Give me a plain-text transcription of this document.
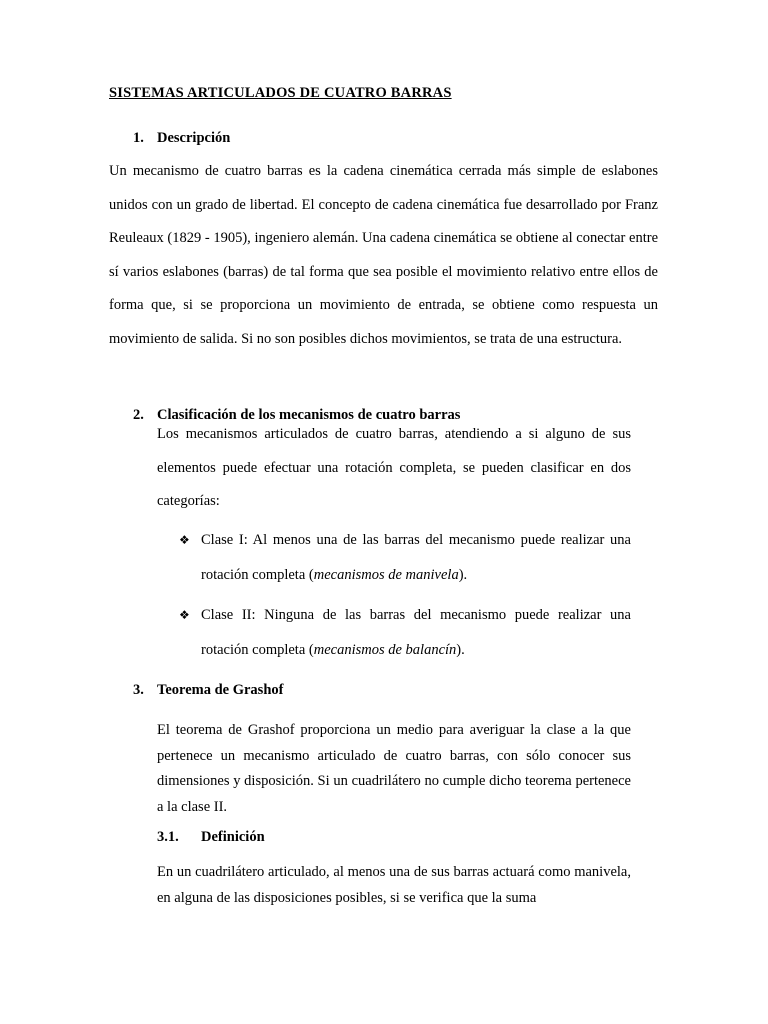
SISTEMAS ARTICULADOS DE CUATRO BARRAS
1. Descripción
Un mecanismo de cuatro barras es la cadena cinemática cerrada más simple de eslabones unidos con un grado de libertad. El concepto de cadena cinemática fue desarrollado por Franz Reuleaux (1829 - 1905), ingeniero alemán. Una cadena cinemática se obtiene al conectar entre sí varios eslabones (barras) de tal forma que sea posible el movimiento relativo entre ellos de forma que, si se proporciona un movimiento de entrada, se obtiene como respuesta un movimiento de salida. Si no son posibles dichos movimientos, se trata de una estructura.
2. Clasificación de los mecanismos de cuatro barras
Los mecanismos articulados de cuatro barras, atendiendo a si alguno de sus elementos puede efectuar una rotación completa, se pueden clasificar en dos categorías:
❖ Clase I: Al menos una de las barras del mecanismo puede realizar una rotación completa (mecanismos de manivela).
❖ Clase II: Ninguna de las barras del mecanismo puede realizar una rotación completa (mecanismos de balancín).
3. Teorema de Grashof
El teorema de Grashof proporciona un medio para averiguar la clase a la que pertenece un mecanismo articulado de cuatro barras, con sólo conocer sus dimensiones y disposición. Si un cuadrilátero no cumple dicho teorema pertenece a la clase II.
3.1. Definición
En un cuadrilátero articulado, al menos una de sus barras actuará como manivela, en alguna de las disposiciones posibles, si se verifica que la suma
